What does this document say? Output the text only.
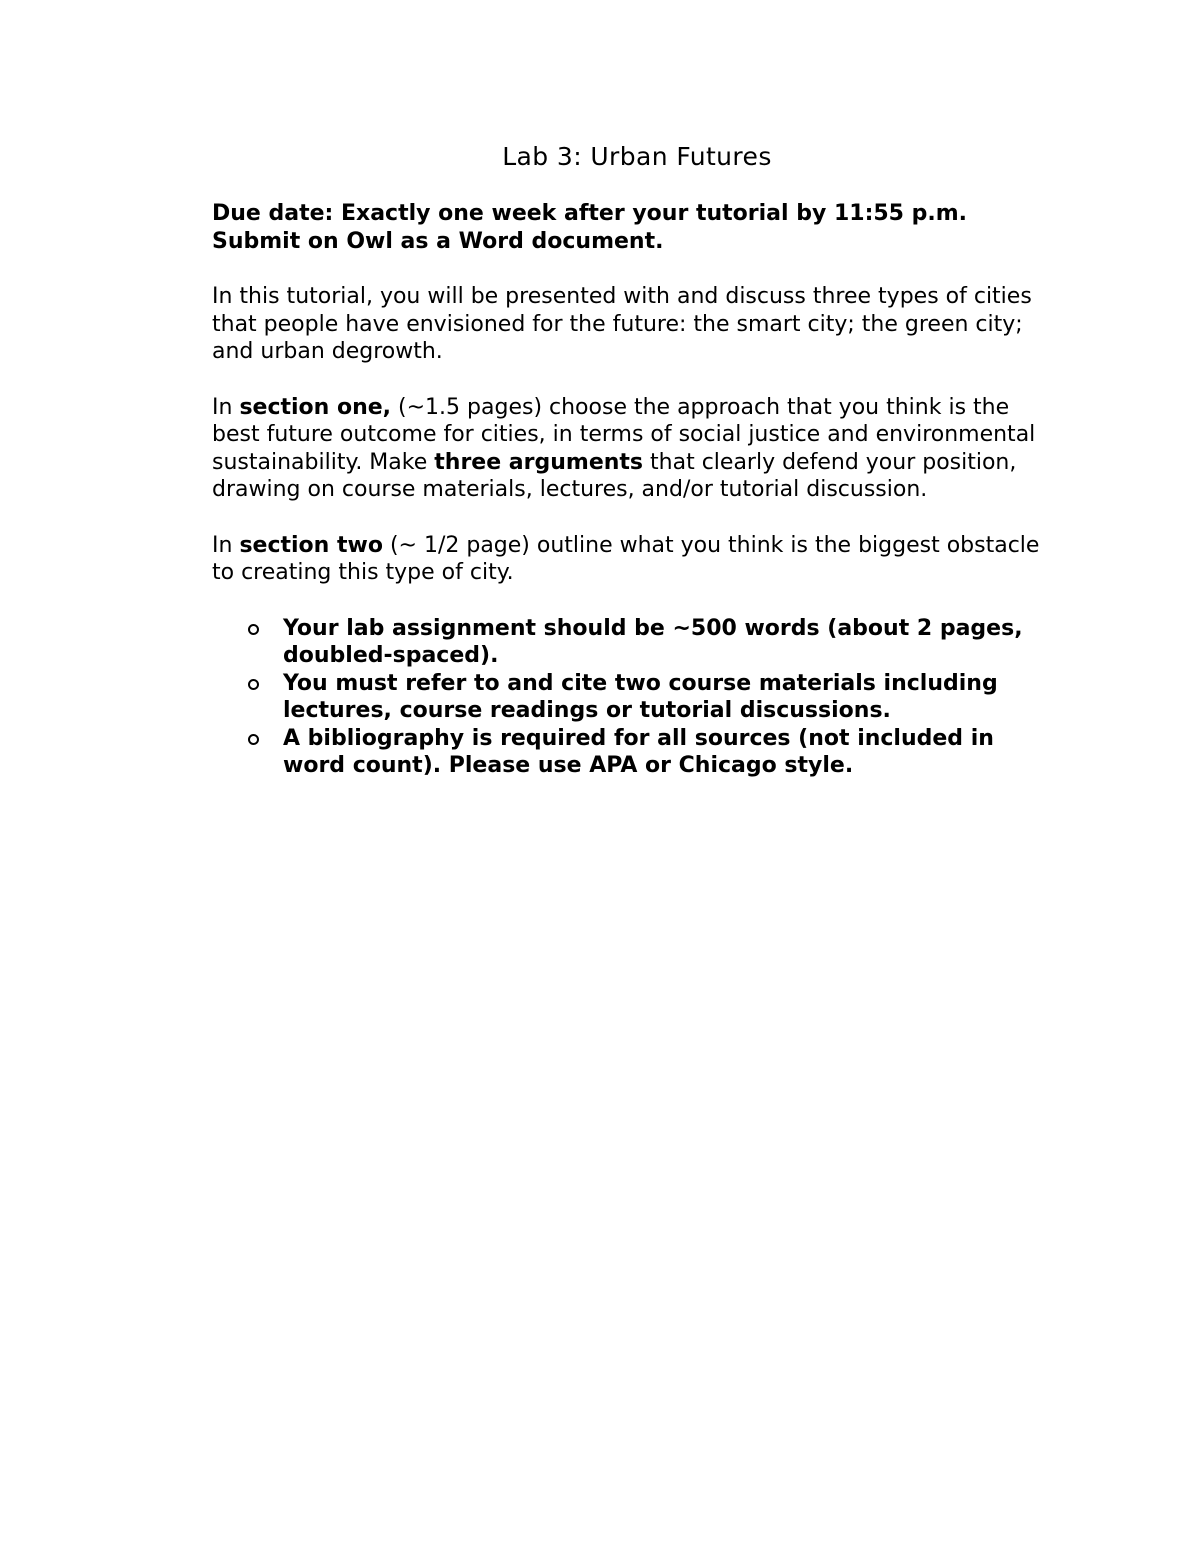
Lab 3: Urban Futures
Due date: Exactly one week after your tutorial by 11:55 p.m.
Submit on Owl as a Word document.

In this tutorial, you will be presented with and discuss three types of cities that people have envisioned for the future: the smart city; the green city; and urban degrowth.

In section one, (~1.5 pages) choose the approach that you think is the best future outcome for cities, in terms of social justice and environmental sustainability. Make three arguments that clearly defend your position, drawing on course materials, lectures, and/or tutorial discussion.

In section two (~ 1/2 page) outline what you think is the biggest obstacle to creating this type of city.

Your lab assignment should be ~500 words (about 2 pages, doubled-spaced).
You must refer to and cite two course materials including lectures, course readings or tutorial discussions.
A bibliography is required for all sources (not included in word count). Please use APA or Chicago style.
